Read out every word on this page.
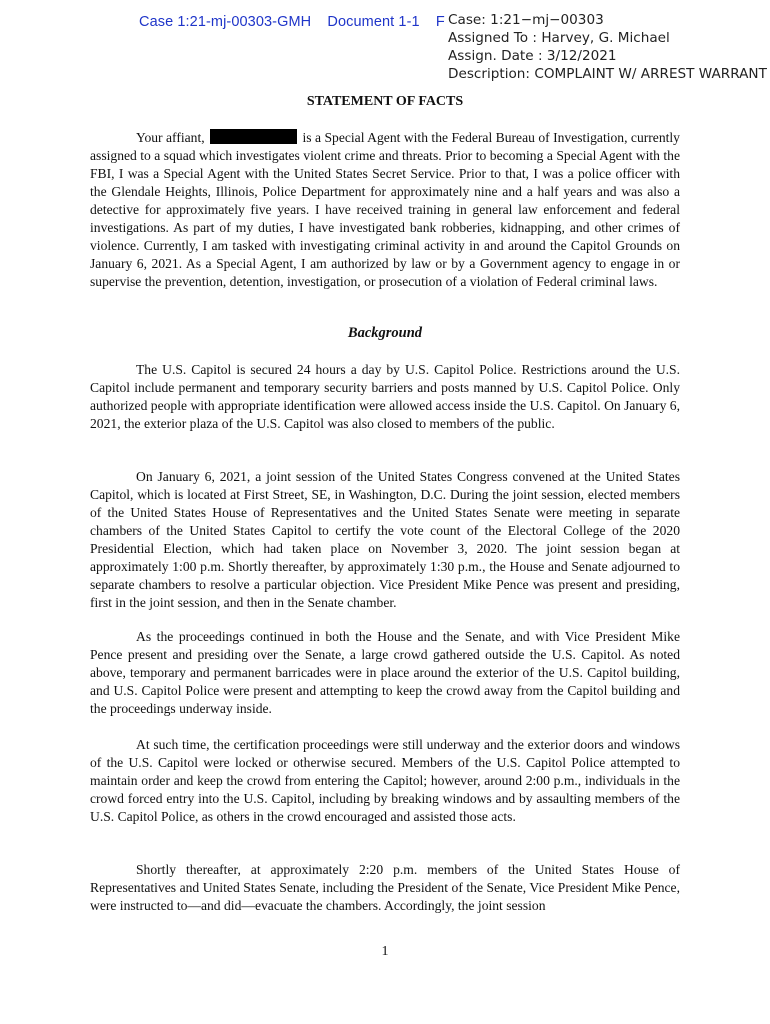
Case 1:21-mj-00303-GMH Document 1-1 F Case: 1:21−mj−00303
Assigned To : Harvey, G. Michael
Assign. Date : 3/12/2021
Description: COMPLAINT W/ ARREST WARRANT
STATEMENT OF FACTS

Your affiant,	is a Special Agent with the Federal Bureau of Investigation, currently assigned to a squad which investigates violent crime and threats. Prior to becoming a Special Agent with the FBI, I was a Special Agent with the United States Secret Service. Prior to that, I was a police officer with the Glendale Heights, Illinois, Police Department for approximately nine and a half years and was also a detective for approximately five years. I have received training in general law enforcement and federal investigations. As part of my duties, I have investigated bank robberies, kidnapping, and other crimes of violence. Currently, I am tasked with investigating criminal activity in and around the Capitol Grounds on January 6, 2021. As a Special Agent, I am authorized by law or by a Government agency to engage in or supervise the prevention, detention, investigation, or prosecution of a violation of Federal criminal laws.

Background

The U.S. Capitol is secured 24 hours a day by U.S. Capitol Police. Restrictions around the U.S. Capitol include permanent and temporary security barriers and posts manned by U.S. Capitol Police. Only authorized people with appropriate identification were allowed access inside the U.S. Capitol. On January 6, 2021, the exterior plaza of the U.S. Capitol was also closed to members of the public.

On January 6, 2021, a joint session of the United States Congress convened at the United States Capitol, which is located at First Street, SE, in Washington, D.C. During the joint session, elected members of the United States House of Representatives and the United States Senate were meeting in separate chambers of the United States Capitol to certify the vote count of the Electoral College of the 2020 Presidential Election, which had taken place on November 3, 2020. The joint session began at approximately 1:00 p.m. Shortly thereafter, by approximately 1:30 p.m., the House and Senate adjourned to separate chambers to resolve a particular objection. Vice President Mike Pence was present and presiding, first in the joint session, and then in the Senate chamber.

As the proceedings continued in both the House and the Senate, and with Vice President Mike Pence present and presiding over the Senate, a large crowd gathered outside the U.S. Capitol. As noted above, temporary and permanent barricades were in place around the exterior of the U.S. Capitol building, and U.S. Capitol Police were present and attempting to keep the crowd away from the Capitol building and the proceedings underway inside.

At such time, the certification proceedings were still underway and the exterior doors and windows of the U.S. Capitol were locked or otherwise secured. Members of the U.S. Capitol Police attempted to maintain order and keep the crowd from entering the Capitol; however, around 2:00 p.m., individuals in the crowd forced entry into the U.S. Capitol, including by breaking windows and by assaulting members of the U.S. Capitol Police, as others in the crowd encouraged and assisted those acts.

Shortly thereafter, at approximately 2:20 p.m. members of the United States House of Representatives and United States Senate, including the President of the Senate, Vice President Mike Pence, were instructed to—and did—evacuate the chambers. Accordingly, the joint session

1
